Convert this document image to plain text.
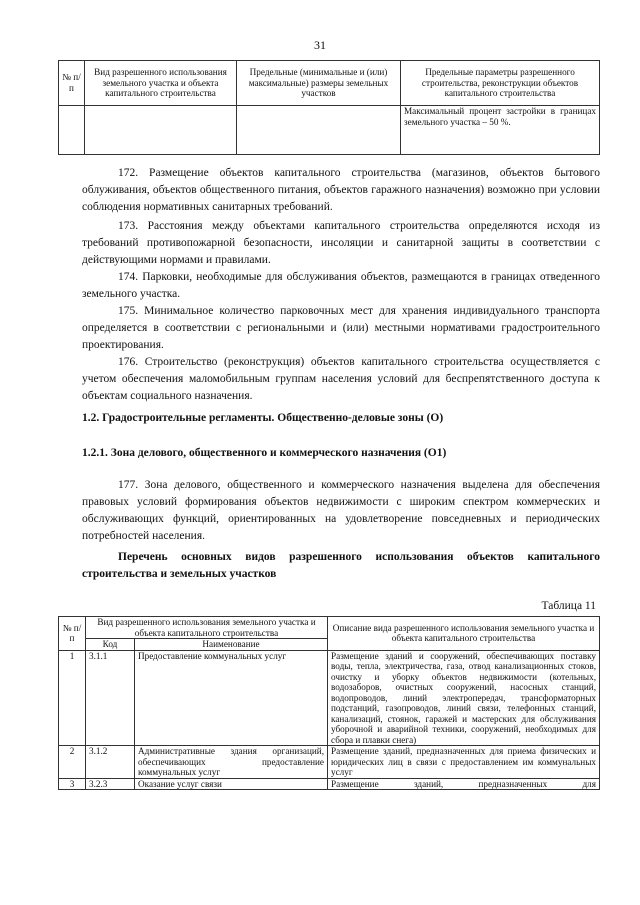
31
№ п/п	Вид разрешенного использования земельного участка и объекта капитального строительства	Предельные (минимальные и (или) максимальные) размеры земельных участков	Предельные параметры разрешенного строительства, реконструкции объектов капитального строительства
			Максимальный процент застройки в границах земельного участка – 50 %.

172. Размещение объектов капитального строительства (магазинов, объектов бытового облуживания, объектов общественного питания, объектов гаражного назначения) возможно при условии соблюдения нормативных санитарных требований.

173. Расстояния между объектами капитального строительства определяются исходя из требований противопожарной безопасности, инсоляции и санитарной защиты в соответствии с действующими нормами и правилами.

174. Парковки, необходимые для обслуживания объектов, размещаются в границах отведенного земельного участка.

175. Минимальное количество парковочных мест для хранения индивидуального транспорта определяется в соответствии с региональными и (или) местными нормативами градостроительного проектирования.

176. Строительство (реконструкция) объектов капитального строительства осуществляется с учетом обеспечения маломобильным группам населения условий для беспрепятственного доступа к объектам социального назначения.

1.2. Градостроительные регламенты. Общественно-деловые зоны (О)
1.2.1. Зона делового, общественного и коммерческого назначения (О1)

177. Зона делового, общественного и коммерческого назначения выделена для обеспечения правовых условий формирования объектов недвижимости с широким спектром коммерческих и обслуживающих функций, ориентированных на удовлетворение повседневных и периодических потребностей населения.

Перечень основных видов разрешенного использования объектов капитального строительства и земельных участков

Таблица 11
№ п/п	Вид разрешенного использования земельного участка и объекта капитального строительства		Описание вида разрешенного использования земельного участка и объекта капитального строительства
	Код	Наименование	
1	3.1.1	Предоставление коммунальных услуг	Размещение зданий и сооружений, обеспечивающих поставку воды, тепла, электричества, газа, отвод канализационных стоков, очистку и уборку объектов недвижимости (котельных, водозаборов, очистных сооружений, насосных станций, водопроводов, линий электропередач, трансформаторных подстанций, газопроводов, линий связи, телефонных станций, канализаций, стоянок, гаражей и мастерских для обслуживания уборочной и аварийной техники, сооружений, необходимых для сбора и плавки снега)
2	3.1.2	Административные здания организаций, обеспечивающих предоставление коммунальных услуг	Размещение зданий, предназначенных для приема физических и юридических лиц в связи с предоставлением им коммунальных услуг
3	3.2.3	Оказание услуг связи	Размещение зданий, предназначенных для
